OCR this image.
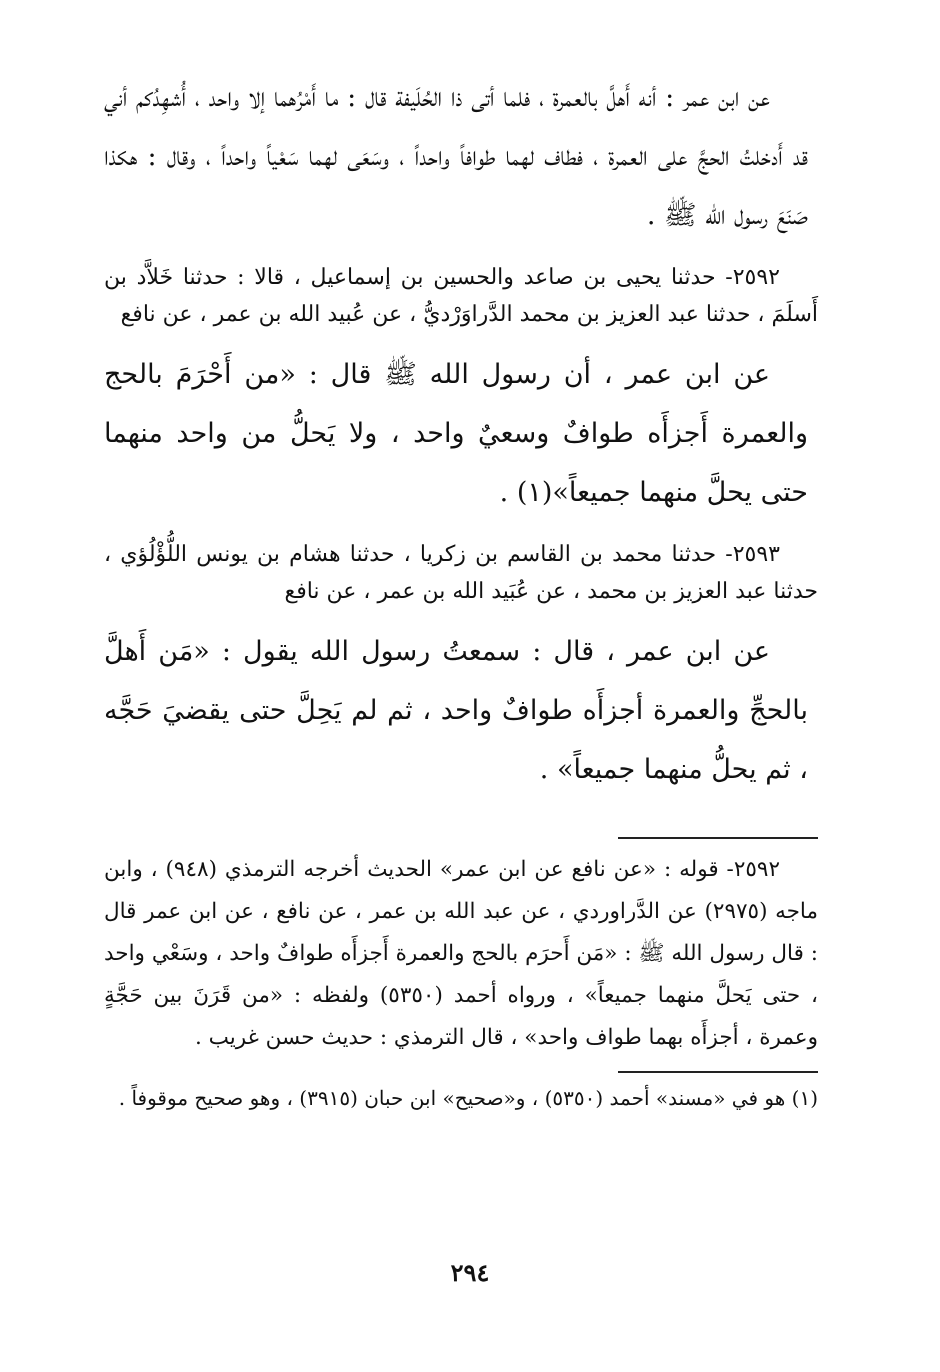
عن ابن عمر : أنه أَهلَّ بالعمرة ، فلما أتى ذا الحُلَيفة قال : ما أَمْرُهما إلا واحد ، أُشهِدُكم أني قد أَدخلتُ الحجَّ على العمرة ، فطاف لهما طوافاً واحداً ، وسَعَى لهما سَعْياً واحداً ، وقال : هكذا صَنَعَ رسول الله ﷺ .

٢٥٩٢- حدثنا يحيى بن صاعد والحسين بن إسماعيل ، قالا : حدثنا خَلاَّد بن أَسلَمَ ، حدثنا عبد العزيز بن محمد الدَّراوَرْديُّ ، عن عُبيد الله بن عمر ، عن نافع

عن ابن عمر ، أن رسول الله ﷺ قال : «من أَحْرَمَ بالحج والعمرة أَجزأَه طوافٌ وسعيٌ واحد ، ولا يَحلُّ من واحد منهما حتى يحلَّ منهما جميعاً»(١) .

٢٥٩٣- حدثنا محمد بن القاسم بن زكريا ، حدثنا هشام بن يونس اللُّؤْلُؤي ، حدثنا عبد العزيز بن محمد ، عن عُبَيد الله بن عمر ، عن نافع

عن ابن عمر ، قال : سمعتُ رسول الله يقول : «مَن أَهلَّ بالحجِّ والعمرة أجزأَه طوافٌ واحد ، ثم لم يَحِلَّ حتى يقضيَ حَجَّه ، ثم يحلُّ منهما جميعاً» .

٢٥٩٢- قوله : «عن نافع عن ابن عمر» الحديث أخرجه الترمذي (٩٤٨) ، وابن ماجه (٢٩٧٥) عن الدَّراوردي ، عن عبد الله بن عمر ، عن نافع ، عن ابن عمر قال : قال رسول الله ﷺ : «مَن أَحرَم بالحج والعمرة أَجزأَه طوافٌ واحد ، وسَعْي واحد ، حتى يَحلَّ منهما جميعاً» ، ورواه أحمد (٥٣٥٠) ولفظه : «من قَرَنَ بين حَجَّةٍ وعمرة ، أجزأَه بهما طواف واحد» ، قال الترمذي : حديث حسن غريب .

(١) هو في «مسند» أحمد (٥٣٥٠) ، و«صحيح» ابن حبان (٣٩١٥) ، وهو صحيح موقوفاً .

٢٩٤
